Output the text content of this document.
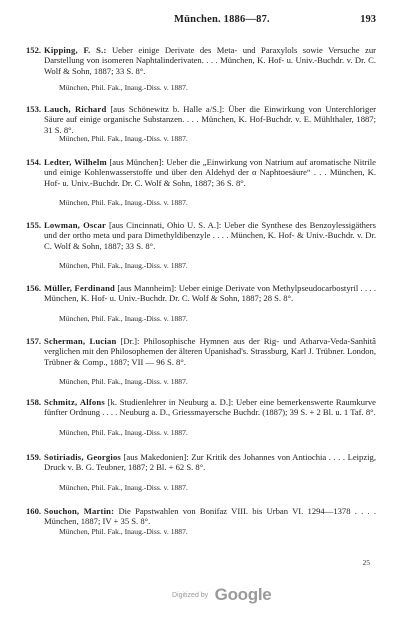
München. 1886—87.	193
152. Kipping, F. S.: Ueber einige Derivate des Meta- und Paraxylols sowie Versuche zur Darstellung von isomeren Naphtalinderivaten. . . . München, K. Hof- u. Univ.-Buchdr. v. Dr. C. Wolf & Sohn, 1887; 33 S. 8°.
München, Phil. Fak., Inaug.-Diss. v. 1887.
153. Lauch, Richard [aus Schönewitz b. Halle a/S.]: Über die Einwirkung von Unterchloriger Säure auf einige organische Substanzen. . . . München, K. Hof-Buchdr. v. E. Mühlthaler, 1887; 31 S. 8°.
München, Phil. Fak., Inaug.-Diss. v. 1887.
154. Ledter, Wilhelm [aus München]: Ueber die „Einwirkung von Natrium auf aromatische Nitrile und einige Kohlenwasserstoffe und über den Aldehyd der α Naphtoesäure“ . . . München, K. Hof- u. Univ.-Buchdr. Dr. C. Wolf & Sohn, 1887; 36 S. 8°.
München, Phil. Fak., Inaug.-Diss. v. 1887.
155. Lowman, Oscar [aus Cincinnati, Ohio U. S. A.]: Ueber die Synthese des Benzoylessigäthers und der ortho meta und para Dimethyldibenzyle . . . . München, K. Hof- & Univ.-Buchdr. v. Dr. C. Wolf & Sohn, 1887; 33 S. 8°.
München, Phil. Fak., Inaug.-Diss. v. 1887.
156. Müller, Ferdinand [aus Mannheim]: Ueber einige Derivate von Methylpseudocarbostyril . . . . München, K. Hof- u. Univ.-Buchdr. Dr. C. Wolf & Sohn, 1887; 28 S. 8°.
München, Phil. Fak., Inaug.-Diss. v. 1887.
157. Scherman, Lucian [Dr.]: Philosophische Hymnen aus der Rig- und Atharva-Veda-Sanhitâ verglichen mit den Philosophemen der älteren Upanishad's. Strassburg, Karl J. Trübner. London, Trübner & Comp., 1887; VII — 96 S. 8°.
München, Phil. Fak., Inaug.-Diss. v. 1887.
158. Schmitz, Alfons [k. Studienlehrer in Neuburg a. D.]: Ueber eine bemerkenswerte Raumkurve fünfter Ordnung . . . . Neuburg a. D., Griessmayersche Buchdr. (1887); 39 S. + 2 Bl. u. 1 Taf. 8°.
München, Phil. Fak., Inaug.-Diss. v. 1887.
159. Sotiriadis, Georgios [aus Makedonien]: Zur Kritik des Johannes von Antiochia . . . . Leipzig, Druck v. B. G. Teubner, 1887; 2 Bl. + 62 S. 8°.
München, Phil. Fak., Inaug.-Diss. v. 1887.
160. Souchon, Martin: Die Papstwahlen von Bonifaz VIII. bis Urban VI. 1294—1378 . . . . München, 1887; IV + 35 S. 8°.
München, Phil. Fak., Inaug.-Diss. v. 1887.
25
Digitized by Google
